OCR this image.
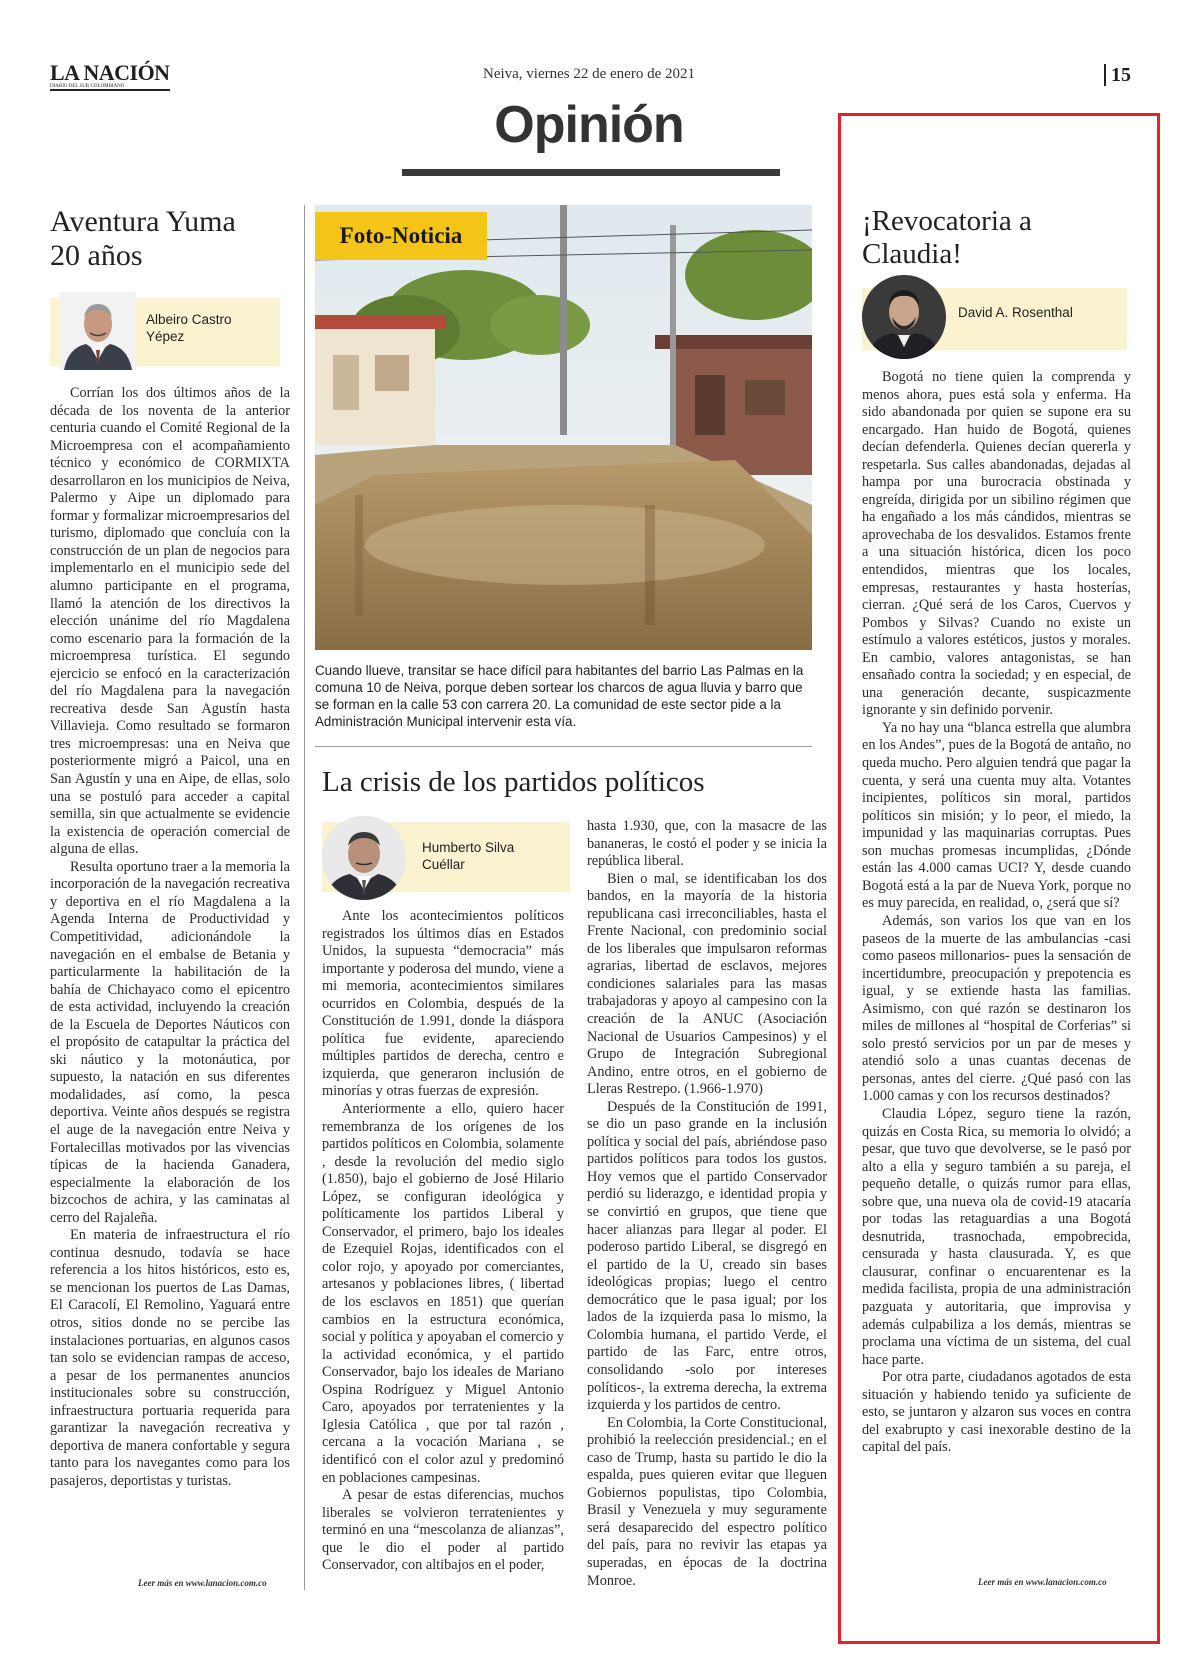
LA NACIÓN
DIARIO DEL SUR COLOMBIANO
Neiva, viernes 22 de enero de 2021	15
Opinión
Aventura Yuma
20 años
Albeiro Castro
Yépez

Corrían los dos últimos años de la década de los noventa de la anterior centuria cuando el Comité Regional de la Microempresa con el acompañamiento técnico y económico de CORMIXTA desarrollaron en los municipios de Neiva, Palermo y Aipe un diplomado para formar y formalizar microempresarios del turismo, diplomado que concluía con la construcción de un plan de negocios para implementarlo en el municipio sede del alumno participante en el programa, llamó la atención de los directivos la elección unánime del río Magdalena como escenario para la formación de la microempresa turística. El segundo ejercicio se enfocó en la caracterización del río Magdalena para la navegación recreativa desde San Agustín hasta Villavieja. Como resultado se formaron tres microempresas: una en Neiva que posteriormente migró a Paicol, una en San Agustín y una en Aipe, de ellas, solo una se postuló para acceder a capital semilla, sin que actualmente se evidencie la existencia de operación comercial de alguna de ellas.

Resulta oportuno traer a la memoria la incorporación de la navegación recreativa y deportiva en el río Magdalena a la Agenda Interna de Productividad y Competitividad, adicionándole la navegación en el embalse de Betania y particularmente la habilitación de la bahía de Chichayaco como el epicentro de esta actividad, incluyendo la creación de la Escuela de Deportes Náuticos con el propósito de catapultar la práctica del ski náutico y la motonáutica, por supuesto, la natación en sus diferentes modalidades, así como, la pesca deportiva. Veinte años después se registra el auge de la navegación entre Neiva y Fortalecillas motivados por las vivencias típicas de la hacienda Ganadera, especialmente la elaboración de los bizcochos de achira, y las caminatas al cerro del Rajaleña.

En materia de infraestructura el río continua desnudo, todavía se hace referencia a los hitos históricos, esto es, se mencionan los puertos de Las Damas, El Caracolí, El Remolino, Yaguará entre otros, sitios donde no se percibe las instalaciones portuarias, en algunos casos tan solo se evidencian rampas de acceso, a pesar de los permanentes anuncios institucionales sobre su construcción, infraestructura portuaria requerida para garantizar la navegación recreativa y deportiva de manera confortable y segura tanto para los navegantes como para los pasajeros, deportistas y turistas.

Leer más en www.lanacion.com.co
Foto-Noticia
Cuando llueve, transitar se hace difícil para habitantes del barrio Las Palmas en la comuna 10 de Neiva, porque deben sortear los charcos de agua lluvia y barro que se forman en la calle 53 con carrera 20. La comunidad de este sector pide a la Administración Municipal intervenir esta vía.
La crisis de los partidos políticos
Humberto Silva
Cuéllar

Ante los acontecimientos políticos registrados los últimos días en Estados Unidos, la supuesta “democracia” más importante y poderosa del mundo, viene a mi memoria, acontecimientos similares ocurridos en Colombia, después de la Constitución de 1.991, donde la diáspora política fue evidente, apareciendo múltiples partidos de derecha, centro e izquierda, que generaron inclusión de minorías y otras fuerzas de expresión.

Anteriormente a ello, quiero hacer remembranza de los orígenes de los partidos políticos en Colombia, solamente , desde la revolución del medio siglo (1.850), bajo el gobierno de José Hilario López, se configuran ideológica y políticamente los partidos Liberal y Conservador, el primero, bajo los ideales de Ezequiel Rojas, identificados con el color rojo, y apoyado por comerciantes, artesanos y poblaciones libres, ( libertad de los esclavos en 1851) que querían cambios en la estructura económica, social y política y apoyaban el comercio y la actividad económica, y el partido Conservador, bajo los ideales de Mariano Ospina Rodríguez y Miguel Antonio Caro, apoyados por terratenientes y la Iglesia Católica , que por tal razón , cercana a la vocación Mariana , se identificó con el color azul y predominó en poblaciones campesinas.

A pesar de estas diferencias, muchos liberales se volvieron terratenientes y terminó en una “mescolanza de alianzas”, que le dio el poder al partido Conservador, con altibajos en el poder,

hasta 1.930, que, con la masacre de las bananeras, le costó el poder y se inicia la república liberal.

Bien o mal, se identificaban los dos bandos, en la mayoría de la historia republicana casi irreconciliables, hasta el Frente Nacional, con predominio social de los liberales que impulsaron reformas agrarias, libertad de esclavos, mejores condiciones salariales para las masas trabajadoras y apoyo al campesino con la creación de la ANUC (Asociación Nacional de Usuarios Campesinos) y el Grupo de Integración Subregional Andino, entre otros, en el gobierno de Lleras Restrepo. (1.966-1.970)

Después de la Constitución de 1991, se dio un paso grande en la inclusión política y social del país, abriéndose paso partidos políticos para todos los gustos. Hoy vemos que el partido Conservador perdió su liderazgo, e identidad propia y se convirtió en grupos, que tiene que hacer alianzas para llegar al poder. El poderoso partido Liberal, se disgregó en el partido de la U, creado sin bases ideológicas propias; luego el centro democrático que le pasa igual; por los lados de la izquierda pasa lo mismo, la Colombia humana, el partido Verde, el partido de las Farc, entre otros, consolidando -solo por intereses políticos-, la extrema derecha, la extrema izquierda y los partidos de centro.

En Colombia, la Corte Constitucional, prohibió la reelección presidencial.; en el caso de Trump, hasta su partido le dio la espalda, pues quieren evitar que lleguen Gobiernos populistas, tipo Colombia, Brasil y Venezuela y muy seguramente será desaparecido del espectro político del país, para no revivir las etapas ya superadas, en épocas de la doctrina Monroe.

¡Revocatoria a
Claudia!
David A. Rosenthal

Bogotá no tiene quien la comprenda y menos ahora, pues está sola y enferma. Ha sido abandonada por quien se supone era su encargado. Han huido de Bogotá, quienes decían defenderla. Quienes decían quererla y respetarla. Sus calles abandonadas, dejadas al hampa por una burocracia obstinada y engreída, dirigida por un sibilino régimen que ha engañado a los más cándidos, mientras se aprovechaba de los desvalidos. Estamos frente a una situación histórica, dicen los poco entendidos, mientras que los locales, empresas, restaurantes y hasta hosterías, cierran. ¿Qué será de los Caros, Cuervos y Pombos y Silvas? Cuando no existe un estímulo a valores estéticos, justos y morales. En cambio, valores antagonistas, se han ensañado contra la sociedad; y en especial, de una generación decante, suspicazmente ignorante y sin definido porvenir.

Ya no hay una “blanca estrella que alumbra en los Andes”, pues de la Bogotá de antaño, no queda mucho. Pero alguien tendrá que pagar la cuenta, y será una cuenta muy alta. Votantes incipientes, políticos sin moral, partidos políticos sin misión; y lo peor, el miedo, la impunidad y las maquinarias corruptas. Pues son muchas promesas incumplidas, ¿Dónde están las 4.000 camas UCI? Y, desde cuando Bogotá está a la par de Nueva York, porque no es muy parecida, en realidad, o, ¿será que sí?

Además, son varios los que van en los paseos de la muerte de las ambulancias -casi como paseos millonarios- pues la sensación de incertidumbre, preocupación y prepotencia es igual, y se extiende hasta las familias. Asimismo, con qué razón se destinaron los miles de millones al “hospital de Corferias” si solo prestó servicios por un par de meses y atendió solo a unas cuantas decenas de personas, antes del cierre. ¿Qué pasó con las 1.000 camas y con los recursos destinados?

Claudia López, seguro tiene la razón, quizás en Costa Rica, su memoria lo olvidó; a pesar, que tuvo que devolverse, se le pasó por alto a ella y seguro también a su pareja, el pequeño detalle, o quizás rumor para ellas, sobre que, una nueva ola de covid-19 atacaría por todas las retaguardias a una Bogotá desnutrida, trasnochada, empobrecida, censurada y hasta clausurada. Y, es que clausurar, confinar o encuarentenar es la medida facilista, propia de una administración pazguata y autoritaria, que improvisa y además culpabiliza a los demás, mientras se proclama una víctima de un sistema, del cual hace parte.

Por otra parte, ciudadanos agotados de esta situación y habiendo tenido ya suficiente de esto, se juntaron y alzaron sus voces en contra del exabrupto y casi inexorable destino de la capital del país.

Leer más en www.lanacion.com.co
